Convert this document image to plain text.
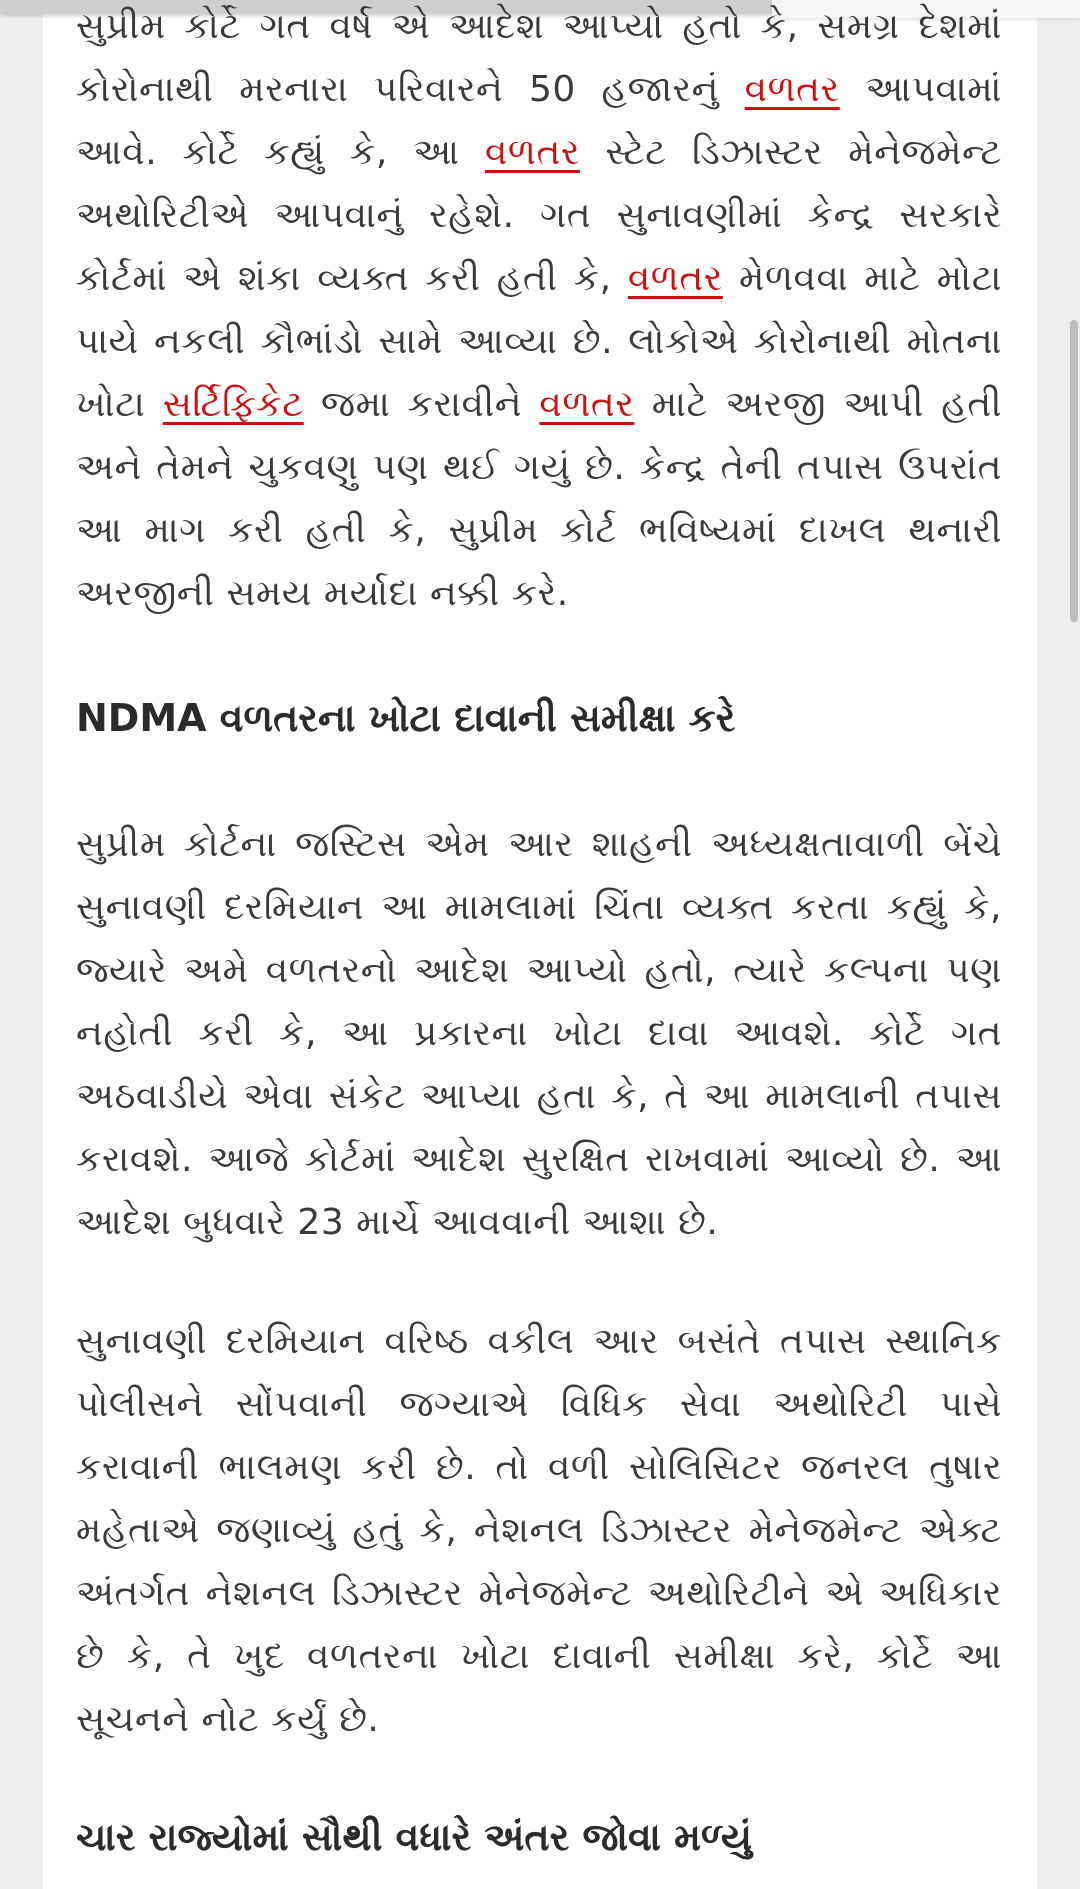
સુપ્રીમ કોર્ટે ગત વર્ષ એ આદેશ આપ્યો હતો કે, સમગ્ર દેશમાં કોરોનાથી મરનારા પરિવારને 50 હજારનું વળતર આપવામાં આવે. કોર્ટે કહ્યું કે, આ વળતર સ્ટેટ ડિઝાસ્ટર મેનેજમેન્ટ અથોરિટીએ આપવાનું રહેશે. ગત સુનાવણીમાં કેન્દ્ર સરકારે કોર્ટમાં એ શંકા વ્યક્ત કરી હતી કે, વળતર મેળવવા માટે મોટા પાયે નકલી કૌભાંડો સામે આવ્યા છે. લોકોએ કોરોનાથી મોતના ખોટા સર્ટિફિકેટ જમા કરાવીને વળતર માટે અરજી આપી હતી અને તેમને ચુકવણુ પણ થઈ ગયું છે. કેન્દ્ર તેની તપાસ ઉપરાંત આ માગ કરી હતી કે, સુપ્રીમ કોર્ટ ભવિષ્યમાં દાખલ થનારી અરજીની સમય મર્યાદા નક્કી કરે.

NDMA વળતરના ખોટા દાવાની સમીક્ષા કરે

સુપ્રીમ કોર્ટના જસ્ટિસ એમ આર શાહની અધ્યક્ષતાવાળી બેંચે સુનાવણી દરમિયાન આ મામલામાં ચિંતા વ્યક્ત કરતા કહ્યું કે, જ્યારે અમે વળતરનો આદેશ આપ્યો હતો, ત્યારે કલ્પના પણ નહોતી કરી કે, આ પ્રકારના ખોટા દાવા આવશે. કોર્ટે ગત અઠવાડીયે એવા સંકેટ આપ્યા હતા કે, તે આ મામલાની તપાસ કરાવશે. આજે કોર્ટમાં આદેશ સુરક્ષિત રાખવામાં આવ્યો છે. આ આદેશ બુધવારે 23 માર્ચે આવવાની આશા છે.

સુનાવણી દરમિયાન વરિષ્ઠ વકીલ આર બસંતે તપાસ સ્થાનિક પોલીસને સોંપવાની જગ્યાએ વિધિક સેવા અથોરિટી પાસે કરાવાની ભાલમણ કરી છે. તો વળી સોલિસિટર જનરલ તુષાર મહેતાએ જણાવ્યું હતું કે, નેશનલ ડિઝાસ્ટર મેનેજમેન્ટ એક્ટ અંતર્ગત નેશનલ ડિઝાસ્ટર મેનેજમેન્ટ અથોરિટીને એ અધિકાર છે કે, તે ખુદ વળતરના ખોટા દાવાની સમીક્ષા કરે, કોર્ટે આ સૂચનને નોટ કર્યું છે.

ચાર રાજ્યોમાં સૌથી વધારે અંતર જોવા મળ્યું
